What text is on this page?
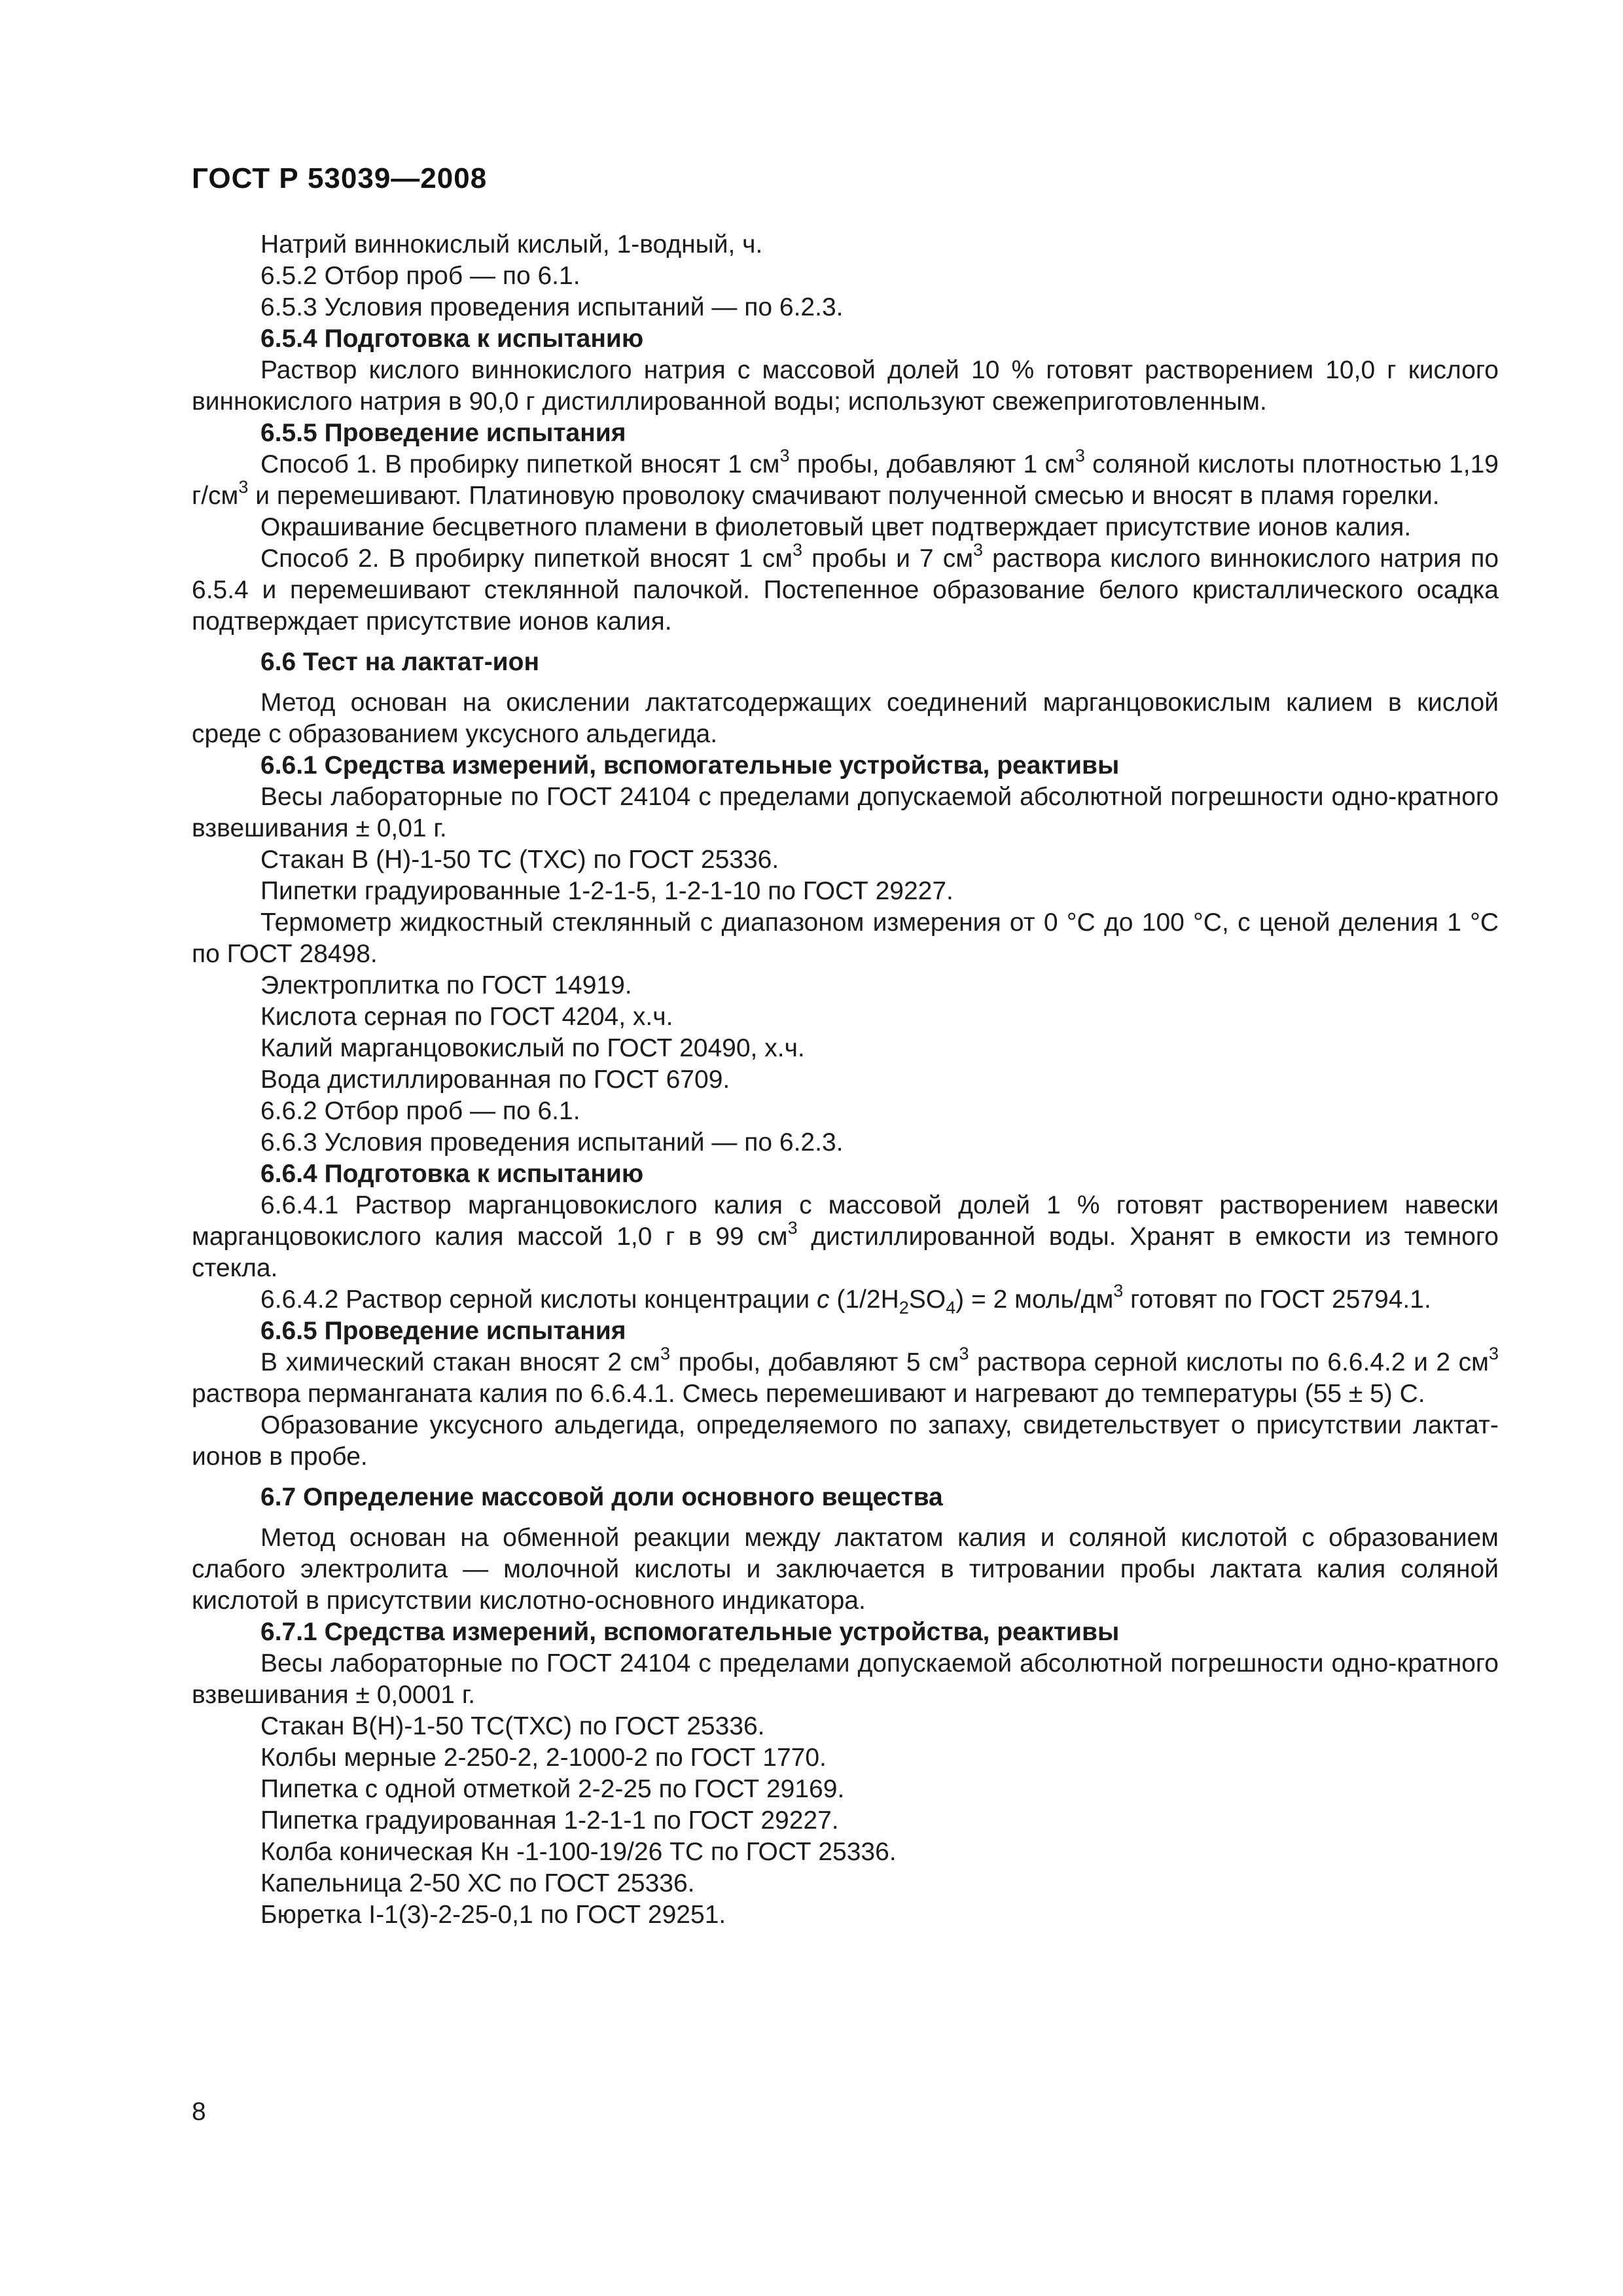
ГОСТ Р 53039—2008

Натрий виннокислый кислый, 1-водный, ч.

6.5.2 Отбор проб — по 6.1.

6.5.3 Условия проведения испытаний — по 6.2.3.

6.5.4 Подготовка к испытанию

Раствор кислого виннокислого натрия с массовой долей 10 % готовят растворением 10,0 г кислого виннокислого натрия в 90,0 г дистиллированной воды; используют свежеприготовленным.

6.5.5 Проведение испытания

Способ 1. В пробирку пипеткой вносят 1 $см^3$ пробы, добавляют 1 $см^3$ соляной кислоты плотностью 1,19 $г/см^3$ и перемешивают. Платиновую проволоку смачивают полученной смесью и вносят в пламя горелки.

Окрашивание бесцветного пламени в фиолетовый цвет подтверждает присутствие ионов калия.

Способ 2. В пробирку пипеткой вносят 1 $см^3$ пробы и 7 $см^3$ раствора кислого виннокислого натрия по 6.5.4 и перемешивают стеклянной палочкой. Постепенное образование белого кристаллического осадка подтверждает присутствие ионов калия.

6.6 Тест на лактат-ион

Метод основан на окислении лактатсодержащих соединений марганцовокислым калием в кислой среде с образованием уксусного альдегида.

6.6.1 Средства измерений, вспомогательные устройства, реактивы

Весы лабораторные по ГОСТ 24104 с пределами допускаемой абсолютной погрешности одно-кратного взвешивания ± 0,01 г.

Стакан В (Н)-1-50 ТС (ТХС) по ГОСТ 25336.

Пипетки градуированные 1-2-1-5, 1-2-1-10 по ГОСТ 29227.

Термометр жидкостный стеклянный с диапазоном измерения от 0 °С до 100 °С, с ценой деления 1 °С по ГОСТ 28498.

Электроплитка по ГОСТ 14919.

Кислота серная по ГОСТ 4204, х.ч.

Калий марганцовокислый по ГОСТ 20490, х.ч.

Вода дистиллированная по ГОСТ 6709.

6.6.2 Отбор проб — по 6.1.

6.6.3 Условия проведения испытаний — по 6.2.3.

6.6.4 Подготовка к испытанию

6.6.4.1 Раствор марганцовокислого калия с массовой долей 1 % готовят растворением навески марганцовокислого калия массой 1,0 г в 99 $см^3$ дистиллированной воды. Хранят в емкости из темного стекла.

6.6.4.2 Раствор серной кислоты концентрации c $(1/2H_2SO_4) = 2$ моль/$дм^3$ готовят по ГОСТ 25794.1.

6.6.5 Проведение испытания

В химический стакан вносят 2 $см^3$ пробы, добавляют 5 $см^3$ раствора серной кислоты по 6.6.4.2 и 2 $см^3$ раствора перманганата калия по 6.6.4.1. Смесь перемешивают и нагревают до температуры (55 ± 5) С.

Образование уксусного альдегида, определяемого по запаху, свидетельствует о присутствии лактат-ионов в пробе.

6.7 Определение массовой доли основного вещества

Метод основан на обменной реакции между лактатом калия и соляной кислотой с образованием слабого электролита — молочной кислоты и заключается в титровании пробы лактата калия соляной кислотой в присутствии кислотно-основного индикатора.

6.7.1 Средства измерений, вспомогательные устройства, реактивы

Весы лабораторные по ГОСТ 24104 с пределами допускаемой абсолютной погрешности одно-кратного взвешивания ± 0,0001 г.

Стакан В(Н)-1-50 ТС(ТХС) по ГОСТ 25336.

Колбы мерные 2-250-2, 2-1000-2 по ГОСТ 1770.

Пипетка с одной отметкой 2-2-25 по ГОСТ 29169.

Пипетка градуированная 1-2-1-1 по ГОСТ 29227.

Колба коническая Кн -1-100-19/26 ТС по ГОСТ 25336.

Капельница 2-50 ХС по ГОСТ 25336.

Бюретка I-1(3)-2-25-0,1 по ГОСТ 29251.

8
